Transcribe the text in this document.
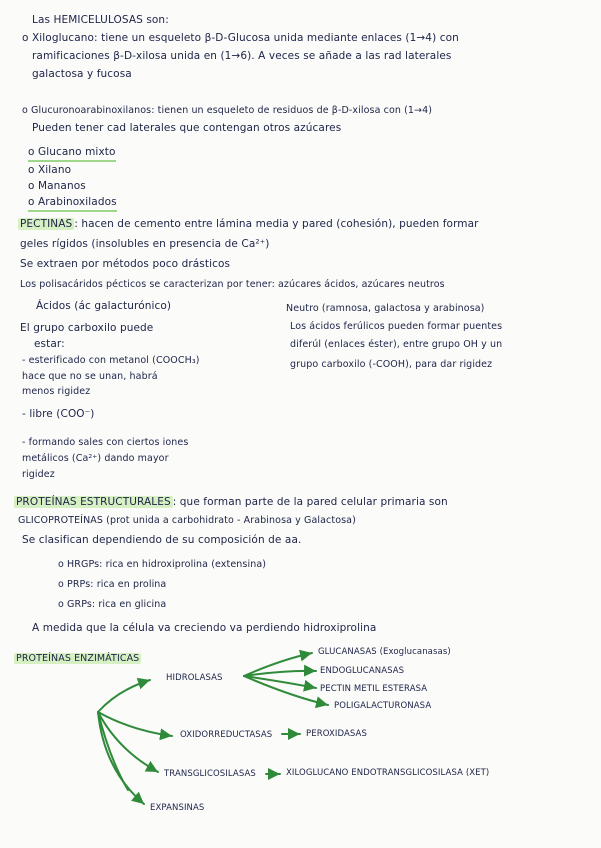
Las HEMICELULOSAS son:
o Xiloglucano: tiene un esqueleto β-D-Glucosa unida mediante enlaces (1→4) con
ramificaciones β-D-xilosa unida en (1→6). A veces se añade a las rad laterales
galactosa y fucosa
o Glucuronoarabinoxilanos: tienen un esqueleto de residuos de β-D-xilosa con (1→4)
Pueden tener cad laterales que contengan otros azúcares
o Glucano mixto
o Xilano
o Mananos
o Arabinoxilados
PECTINAS : hacen de cemento entre lámina media y pared (cohesión), pueden formar
geles rígidos (insolubles en presencia de Ca²⁺)
Se extraen por métodos poco drásticos
Los polisacáridos pécticos se caracterizan por tener: azúcares ácidos, azúcares neutros
Ácidos (ác galacturónico)
El grupo carboxilo puede
estar:
- esterificado con metanol (COOCH₃)
hace que no se unan, habrá
menos rigidez
- libre (COO⁻)
- formando sales con ciertos iones
metálicos (Ca²⁺) dando mayor
rigidez
Neutro (ramnosa, galactosa y arabinosa)
Los ácidos ferúlicos pueden formar puentes
diferúl (enlaces éster), entre grupo OH y un
grupo carboxilo (-COOH), para dar rigidez
PROTEÍNAS ESTRUCTURALES : que forman parte de la pared celular primaria son
GLICOPROTEÍNAS (prot unida a carbohidrato - Arabinosa y Galactosa)
Se clasifican dependiendo de su composición de aa.
o HRGPs: rica en hidroxiprolina (extensina)
o PRPs: rica en prolina
o GRPs: rica en glicina
A medida que la célula va creciendo va perdiendo hidroxiprolina
PROTEÍNAS ENZIMÁTICAS
HIDROLASAS
GLUCANASAS (Exoglucanasas)
ENDOGLUCANASAS
PECTIN METIL ESTERASA
POLIGALACTURONASA
OXIDORREDUCTASAS	PEROXIDASAS
TRANSGLICOSILASAS	XILOGLUCANO ENDOTRANSGLICOSILASA (XET)
EXPANSINAS
